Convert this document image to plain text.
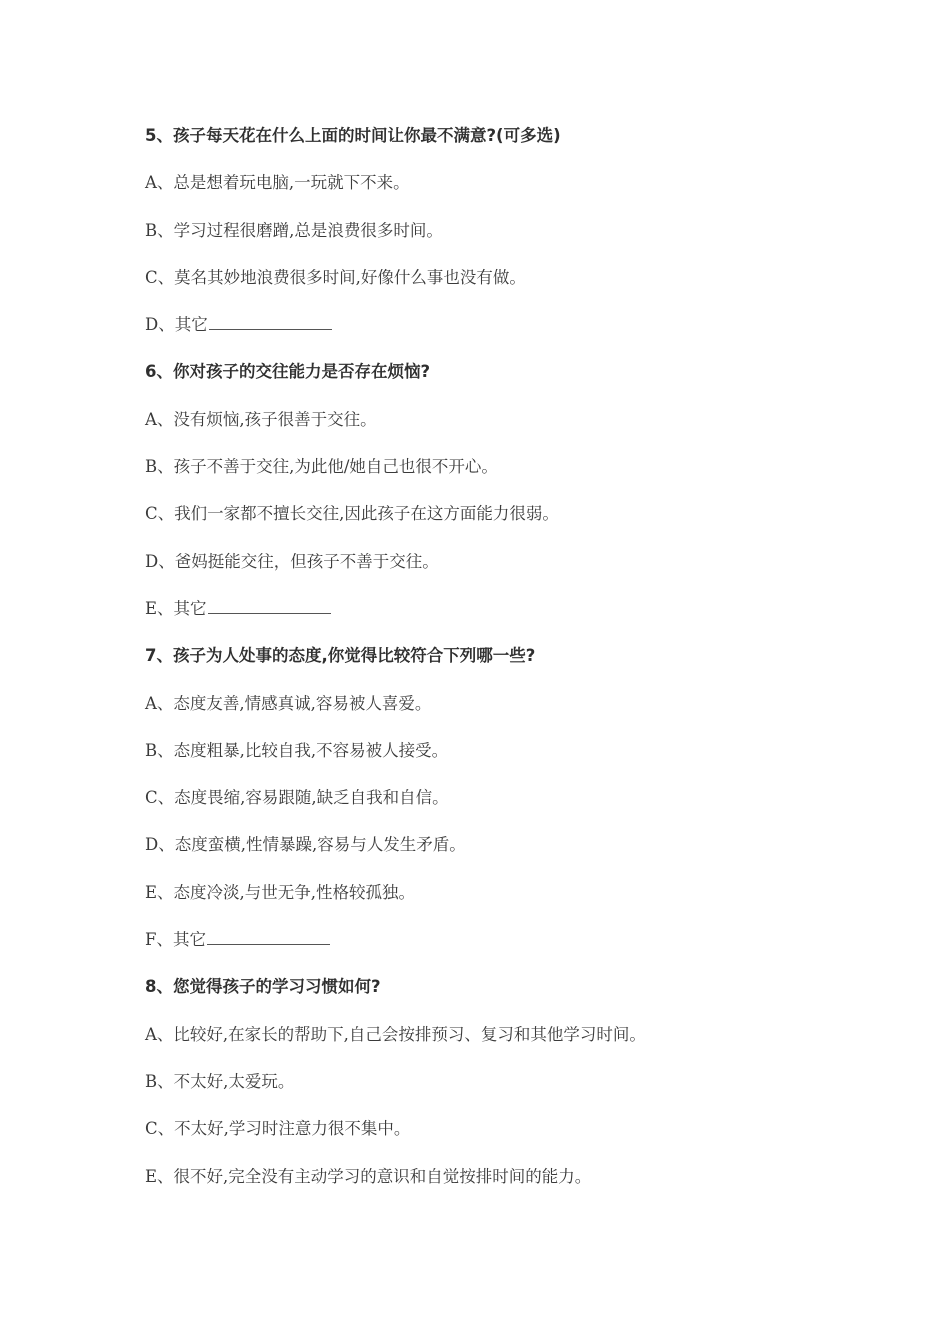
5、孩子每天花在什么上面的时间让你最不满意?(可多选)
A、总是想着玩电脑,一玩就下不来。
B、学习过程很磨蹭,总是浪费很多时间。
C、莫名其妙地浪费很多时间,好像什么事也没有做。
D、其它
6、你对孩子的交往能力是否存在烦恼?
A、没有烦恼,孩子很善于交往。
B、孩子不善于交往,为此他/她自己也很不开心。
C、我们一家都不擅长交往,因此孩子在这方面能力很弱。
D、爸妈挺能交往，但孩子不善于交往。
E、其它
7、孩子为人处事的态度,你觉得比较符合下列哪一些?
A、态度友善,情感真诚,容易被人喜爱。
B、态度粗暴,比较自我,不容易被人接受。
C、态度畏缩,容易跟随,缺乏自我和自信。
D、态度蛮横,性情暴躁,容易与人发生矛盾。
E、态度冷淡,与世无争,性格较孤独。
F、其它
8、您觉得孩子的学习习惯如何?
A、比较好,在家长的帮助下,自己会按排预习、复习和其他学习时间。
B、不太好,太爱玩。
C、不太好,学习时注意力很不集中。
E、很不好,完全没有主动学习的意识和自觉按排时间的能力。
